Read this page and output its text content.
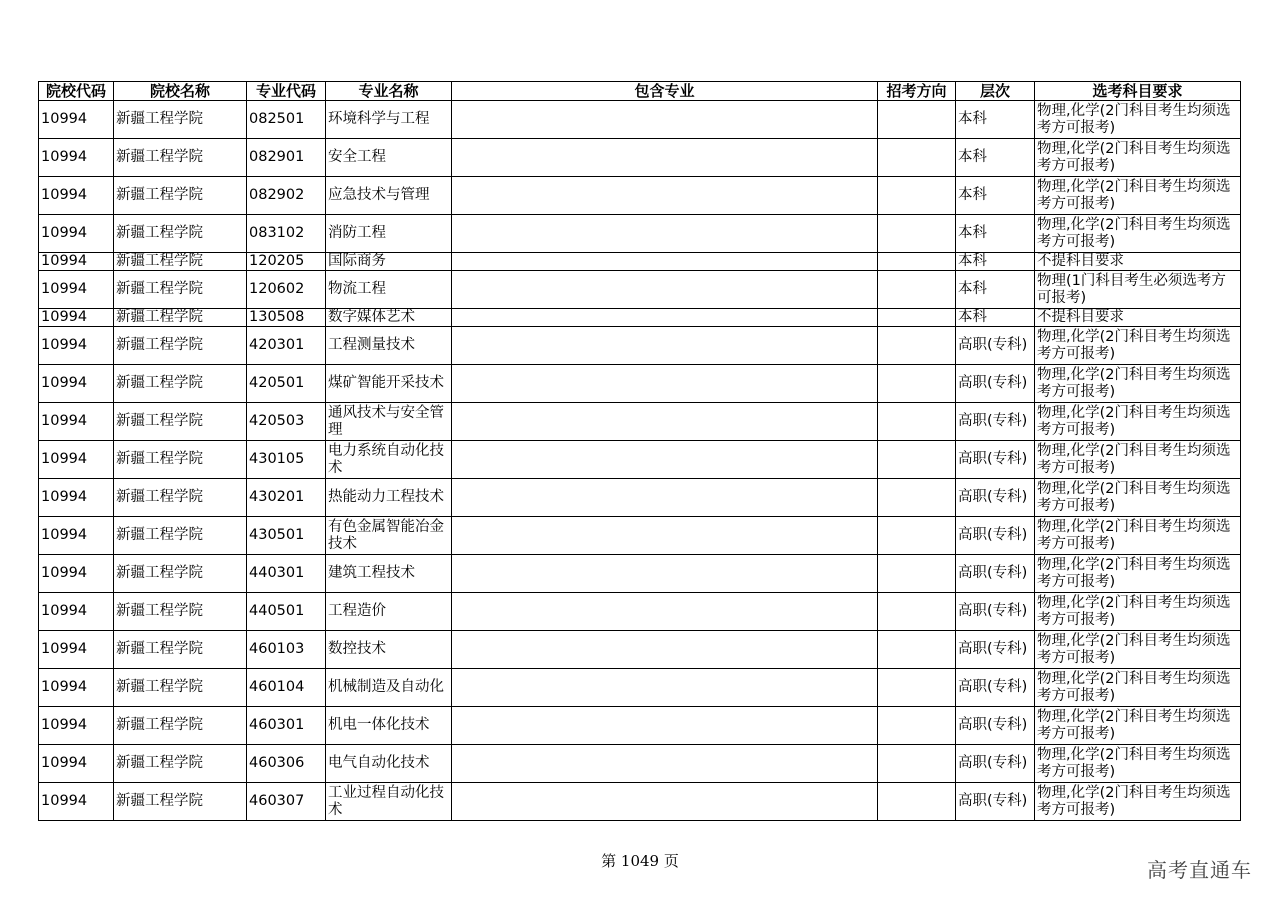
院校代码	院校名称	专业代码	专业名称	包含专业	招考方向	层次	选考科目要求
10994	新疆工程学院	082501	环境科学与工程			本科	物理,化学(2门科目考生均须选考方可报考)
10994	新疆工程学院	082901	安全工程			本科	物理,化学(2门科目考生均须选考方可报考)
10994	新疆工程学院	082902	应急技术与管理			本科	物理,化学(2门科目考生均须选考方可报考)
10994	新疆工程学院	083102	消防工程			本科	物理,化学(2门科目考生均须选考方可报考)
10994	新疆工程学院	120205	国际商务			本科	不提科目要求
10994	新疆工程学院	120602	物流工程			本科	物理(1门科目考生必须选考方可报考)
10994	新疆工程学院	130508	数字媒体艺术			本科	不提科目要求
10994	新疆工程学院	420301	工程测量技术			高职(专科)	物理,化学(2门科目考生均须选考方可报考)
10994	新疆工程学院	420501	煤矿智能开采技术			高职(专科)	物理,化学(2门科目考生均须选考方可报考)
10994	新疆工程学院	420503	通风技术与安全管理			高职(专科)	物理,化学(2门科目考生均须选考方可报考)
10994	新疆工程学院	430105	电力系统自动化技术			高职(专科)	物理,化学(2门科目考生均须选考方可报考)
10994	新疆工程学院	430201	热能动力工程技术			高职(专科)	物理,化学(2门科目考生均须选考方可报考)
10994	新疆工程学院	430501	有色金属智能冶金技术			高职(专科)	物理,化学(2门科目考生均须选考方可报考)
10994	新疆工程学院	440301	建筑工程技术			高职(专科)	物理,化学(2门科目考生均须选考方可报考)
10994	新疆工程学院	440501	工程造价			高职(专科)	物理,化学(2门科目考生均须选考方可报考)
10994	新疆工程学院	460103	数控技术			高职(专科)	物理,化学(2门科目考生均须选考方可报考)
10994	新疆工程学院	460104	机械制造及自动化			高职(专科)	物理,化学(2门科目考生均须选考方可报考)
10994	新疆工程学院	460301	机电一体化技术			高职(专科)	物理,化学(2门科目考生均须选考方可报考)
10994	新疆工程学院	460306	电气自动化技术			高职(专科)	物理,化学(2门科目考生均须选考方可报考)
10994	新疆工程学院	460307	工业过程自动化技术			高职(专科)	物理,化学(2门科目考生均须选考方可报考)
第 1049 页	高考直通车
